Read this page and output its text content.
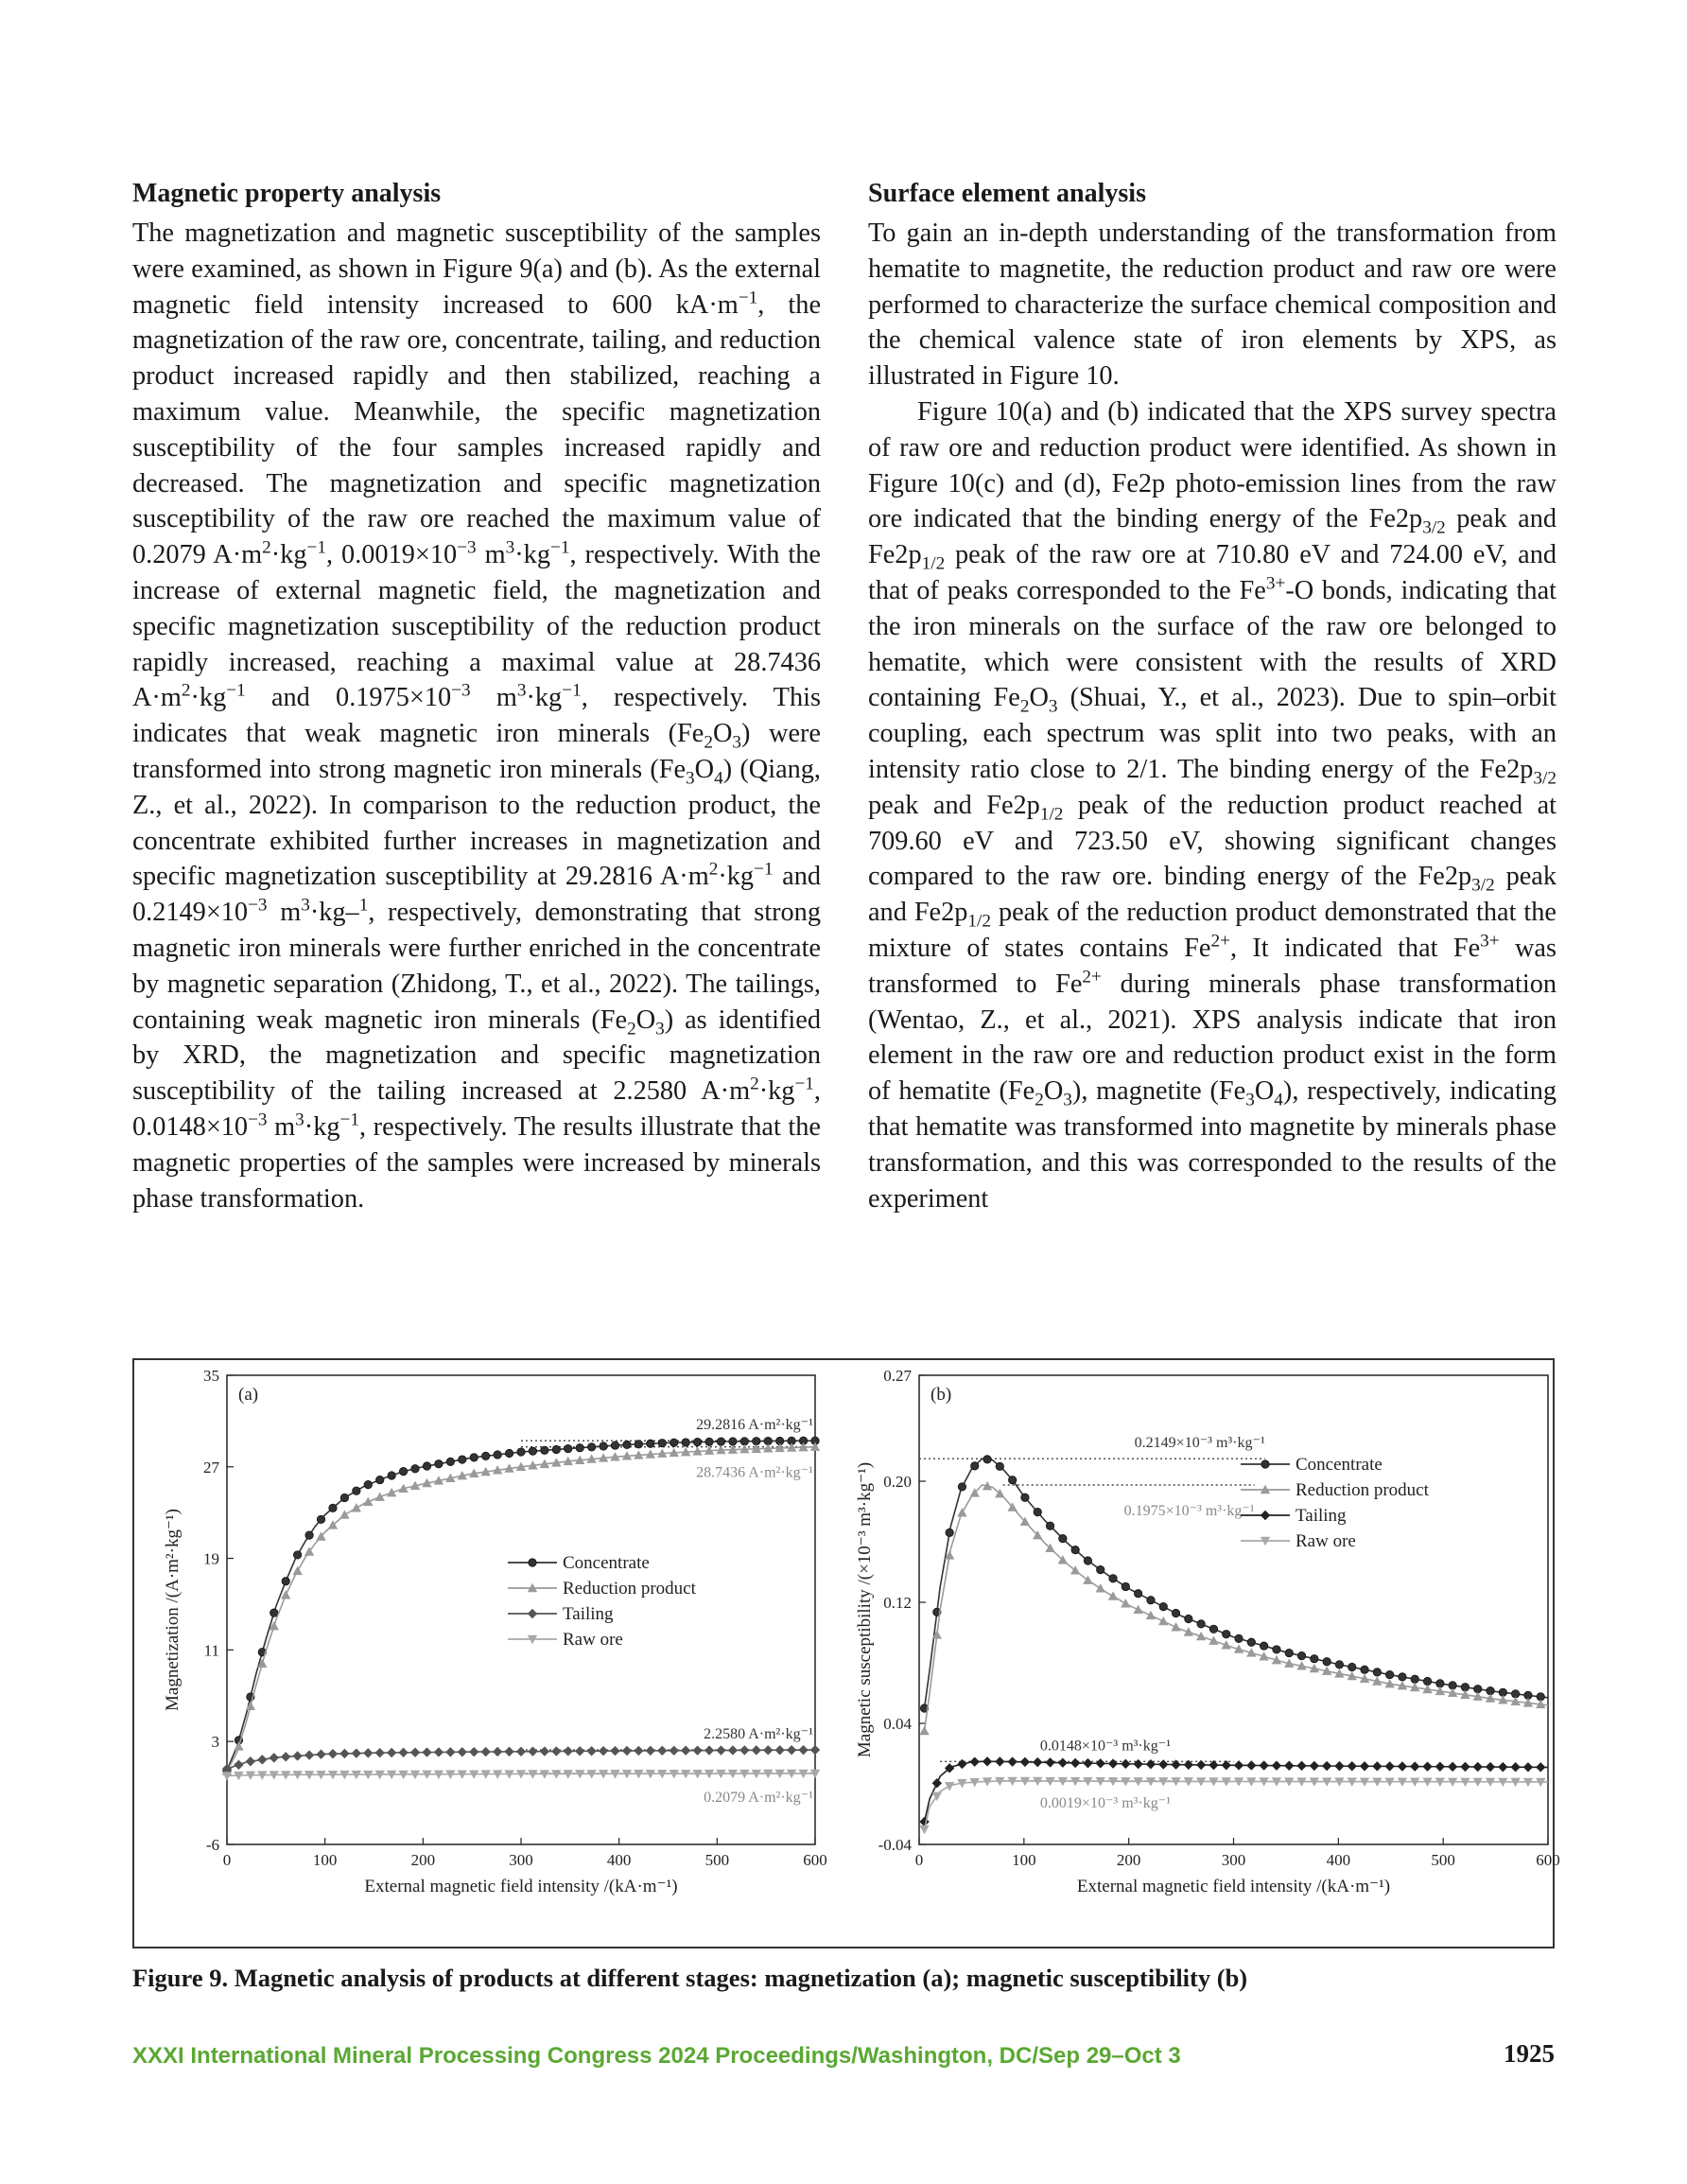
Magnetic property analysis

The magnetization and magnetic susceptibility of the samples were examined, as shown in Figure 9(a) and (b). As the external magnetic field intensity increased to 600 $kA\cdot m^{-1}$, the magnetization of the raw ore, concentrate, tailing, and reduction product increased rapidly and then stabilized, reaching a maximum value. Meanwhile, the specific magnetization susceptibility of the four samples increased rapidly and decreased. The magnetization and specific magnetization susceptibility of the raw ore reached the maximum value of 0.2079 $A\cdot m^2\cdot kg^{-1}$, $0.0019\times 10^{-3}$ $m^3\cdot kg^{-1}$, respectively. With the increase of external magnetic field, the magnetization and specific magnetization susceptibility of the reduction product rapidly increased, reaching a maximal value at 28.7436 $A\cdot m^2\cdot kg^{-1}$ and $0.1975\times 10^{-3}$ $m^3\cdot kg^{-1}$, respectively. This indicates that weak magnetic iron minerals $(Fe_2O_3)$ were transformed into strong magnetic iron minerals $(Fe_3O_4)$ (Qiang, Z., et al., 2022). In comparison to the reduction product, the concentrate exhibited further increases in magnetization and specific magnetization susceptibility at 29.2816 $A\cdot m^2\cdot kg^{-1}$ and $0.2149\times 10^{-3}$ $m^3\cdot kg-^1$, respectively, demonstrating that strong magnetic iron minerals were further enriched in the concentrate by magnetic separation (Zhidong, T., et al., 2022). The tailings, containing weak magnetic iron minerals $(Fe_2O_3)$ as identified by XRD, the magnetization and specific magnetization susceptibility of the tailing increased at 2.2580 $A\cdot m^2\cdot kg^{-1}$, $0.0148\times 10^{-3}$ $m^3\cdot kg^{-1}$, respectively. The results illustrate that the magnetic properties of the samples were increased by minerals phase transformation.

Surface element analysis

To gain an in-depth understanding of the transformation from hematite to magnetite, the reduction product and raw ore were performed to characterize the surface chemical composition and the chemical valence state of iron elements by XPS, as illustrated in Figure 10.

Figure 10(a) and (b) indicated that the XPS survey spectra of raw ore and reduction product were identified. As shown in Figure 10(c) and (d), Fe2p photo-emission lines from the raw ore indicated that the binding energy of the $Fe2p_{3/2}$ peak and $Fe2p_{1/2}$ peak of the raw ore at 710.80 eV and 724.00 eV, and that of peaks corresponded to the $Fe^{3+}-O$ bonds, indicating that the iron minerals on the surface of the raw ore belonged to hematite, which were consistent with the results of XRD containing $Fe_2O_3$ (Shuai, Y., et al., 2023). Due to spin–orbit coupling, each spectrum was split into two peaks, with an intensity ratio close to 2/1. The binding energy of the $Fe2p_{3/2}$ peak and $Fe2p_{1/2}$ peak of the reduction product reached at 709.60 eV and 723.50 eV, showing significant changes compared to the raw ore. binding energy of the $Fe2p_{3/2}$ peak and $Fe2p_{1/2}$ peak of the reduction product demonstrated that the mixture of states contains $Fe^{2+}$, It indicated that $Fe^{3+}$ was transformed to $Fe^{2+}$ during minerals phase transformation (Wentao, Z., et al., 2021). XPS analysis indicate that iron element in the raw ore and reduction product exist in the form of hematite $(Fe_2O_3)$, magnetite $(Fe_3O_4)$, respectively, indicating that hematite was transformed into magnetite by minerals phase transformation, and this was corresponded to the results of the experiment

0	100	200	300	400	500	600
-6
3
11
19
27
35
External magnetic field intensity /(kA·m⁻¹)
Magnetization /(A·m²·kg⁻¹)
(a)
29.2816 A·m²·kg⁻¹
28.7436 A·m²·kg⁻¹
2.2580 A·m²·kg⁻¹
0.2079 A·m²·kg⁻¹
Concentrate
Reduction product
Tailing
Raw ore
0	100	200	300	400	500	600
-0.04
0.04
0.12
0.20
0.27
External magnetic field intensity /(kA·m⁻¹)
Magnetic susceptibility /(×10⁻³ m³·kg⁻¹)
(b)
0.2149×10⁻³ m³·kg⁻¹
0.1975×10⁻³ m³·kg⁻¹
0.0148×10⁻³ m³·kg⁻¹
0.0019×10⁻³ m³·kg⁻¹
Concentrate
Reduction product
Tailing
Raw ore
Figure 9. Magnetic analysis of products at different stages: magnetization (a); magnetic susceptibility (b)
XXXI International Mineral Processing Congress 2024 Proceedings/Washington, DC/Sep 29–Oct 3	1925
